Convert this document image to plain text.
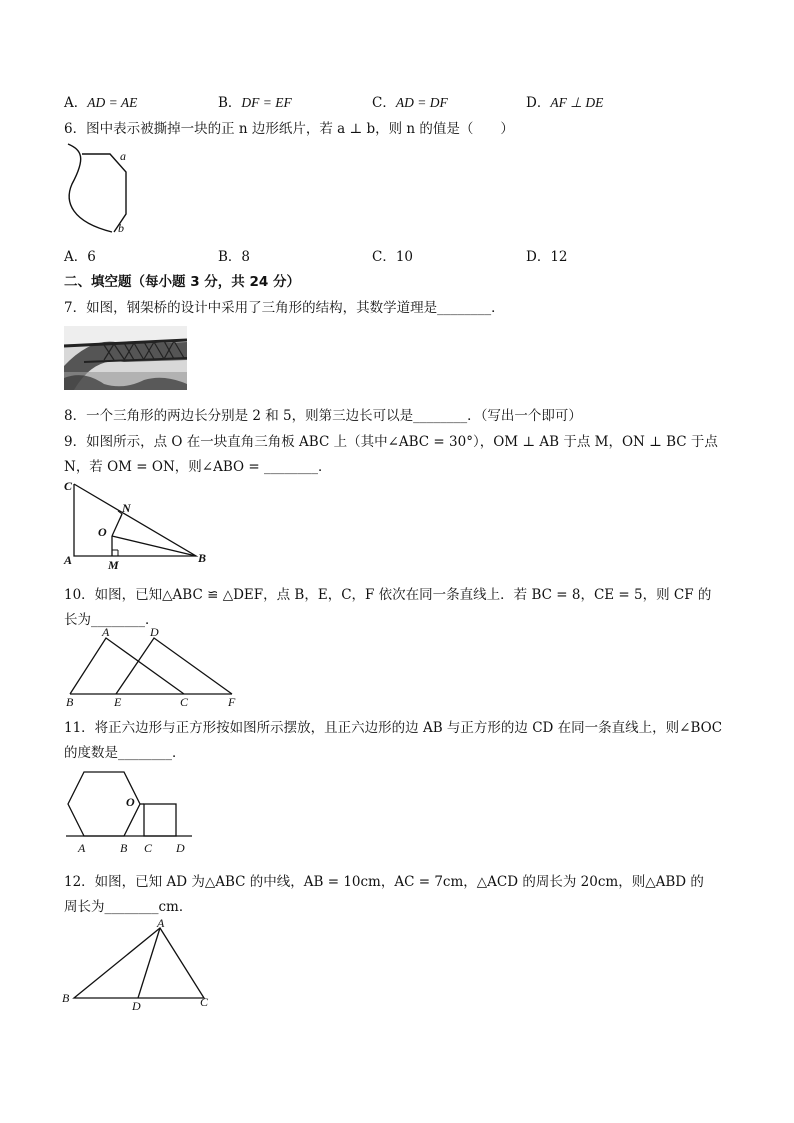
A．AD = AE	B．DF = EF	C．AD = DF	D．AF ⊥ DE
6．图中表示被撕掉一块的正 n 边形纸片，若 a ⊥ b，则 n 的值是（　　）
a
b
A．6	B．8	C．10	D．12
二、填空题（每小题 3 分，共 24 分）
7．如图，钢架桥的设计中采用了三角形的结构，其数学道理是________．
8．一个三角形的两边长分别是 2 和 5，则第三边长可以是________．（写出一个即可）
9．如图所示，点 O 在一块直角三角板 ABC 上（其中∠ABC = 30°），OM ⊥ AB 于点 M，ON ⊥ BC 于点
N，若 OM = ON，则∠ABO = ________．
C
N
O
A	M	B
10．如图，已知△ABC ≌ △DEF，点 B，E，C，F 依次在同一条直线上．若 BC = 8，CE = 5，则 CF 的
长为________．
A	D
B	E	C	F
11．将正六边形与正方形按如图所示摆放，且正六边形的边 AB 与正方形的边 CD 在同一条直线上，则∠BOC
的度数是________．
O
A	B C D
12．如图，已知 AD 为△ABC 的中线，AB = 10cm，AC = 7cm，△ACD 的周长为 20cm，则△ABD 的
周长为________cm．
A
B
D	C
